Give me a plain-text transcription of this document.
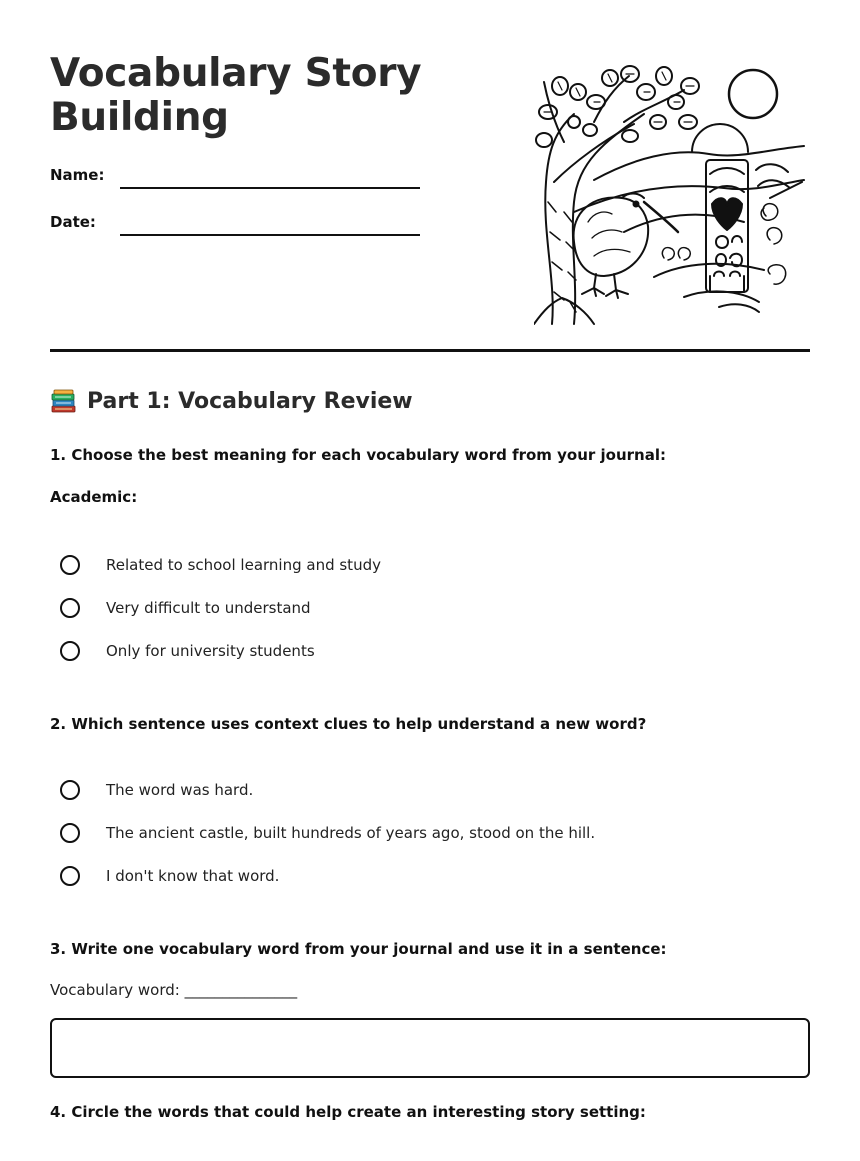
Vocabulary Story Building
Name:
Date:
Part 1: Vocabulary Review
1. Choose the best meaning for each vocabulary word from your journal:
Academic:
Related to school learning and study
Very difficult to understand
Only for university students
2. Which sentence uses context clues to help understand a new word?
The word was hard.
The ancient castle, built hundreds of years ago, stood on the hill.
I don't know that word.
3. Write one vocabulary word from your journal and use it in a sentence:
Vocabulary word: _______________
4. Circle the words that could help create an interesting story setting:
